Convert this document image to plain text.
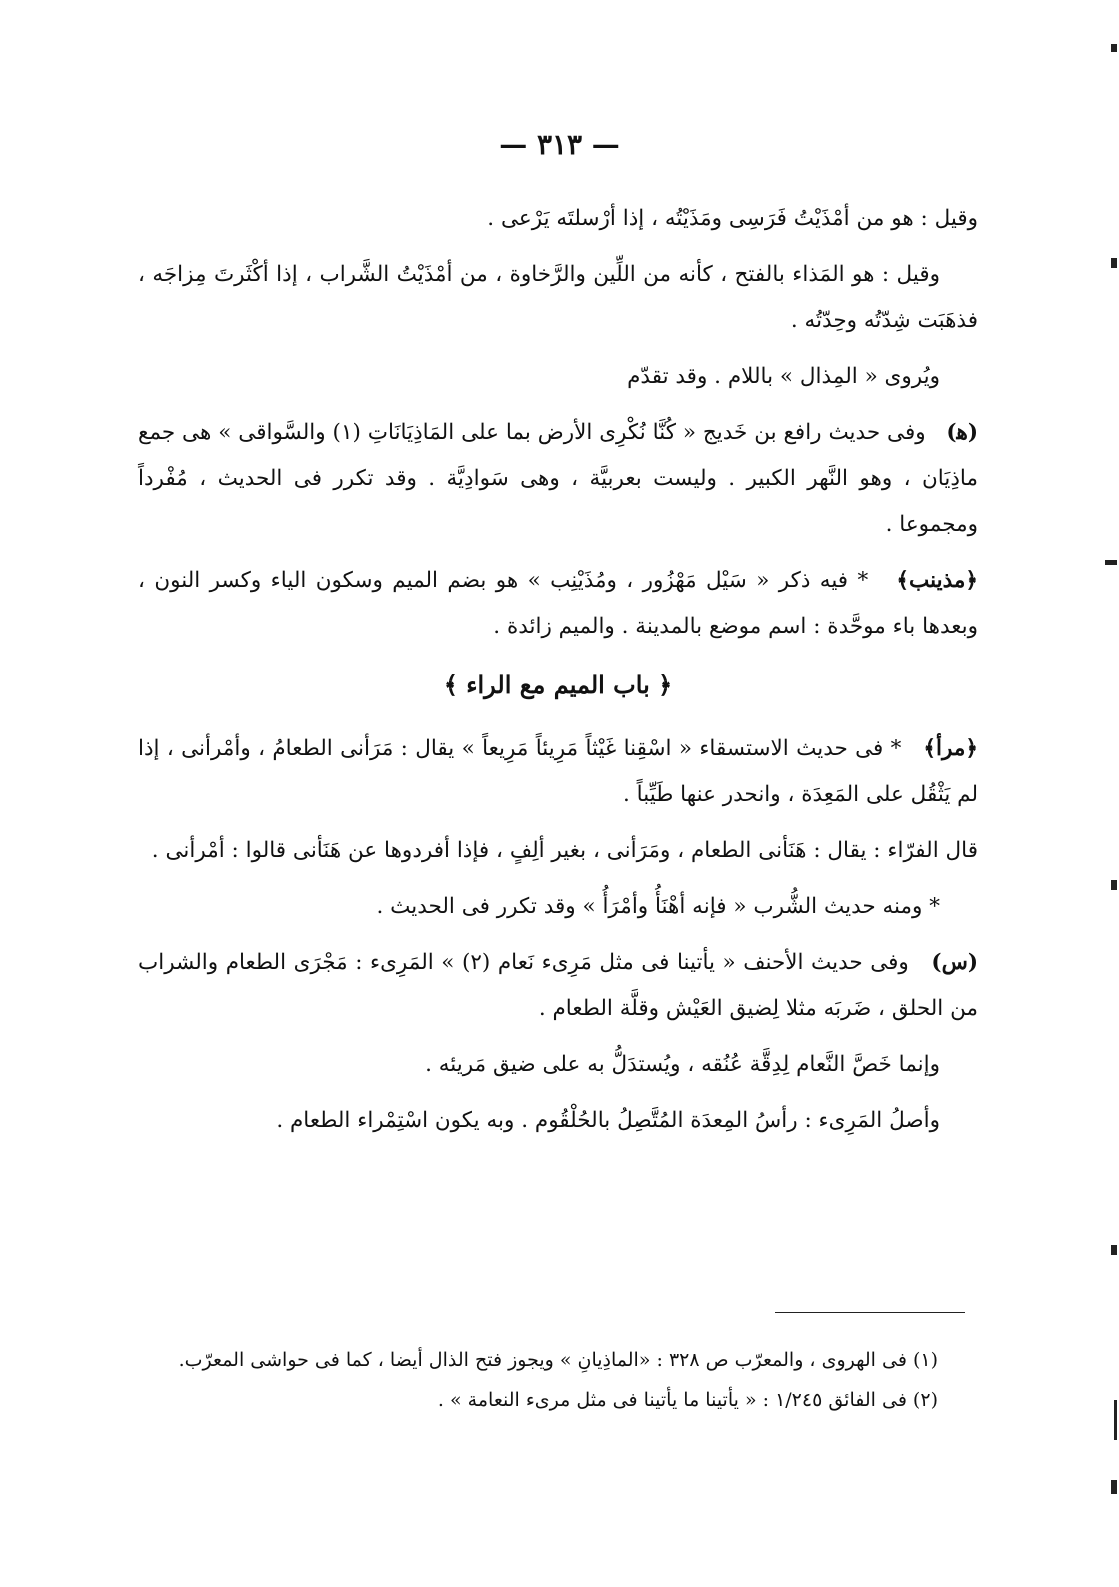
— ٣١٣ —

وقيل : هو من أمْذَيْتُ فَرَسِى ومَذَيْتُه ، إذا أرْسلتَه يَرْعى .

وقيل : هو المَذاء بالفتح ، كأنه من اللِّين والرَّخاوة ، من أمْذَيْتُ الشَّراب ، إذا أكْثَرتَ مِزاجَه ، فذهَبَت شِدّتُه وحِدّتُه .

ويُروى « المِذال » باللام . وقد تقدّم

(ﻫ)   وفى حديث رافع بن خَديج « كُنَّا نُكْرِى الأرض بما على المَاذِيَانَاتِ (١) والسَّواقى » هى جمع ماذِيَان ، وهو النَّهر الكبير . وليست بعربيَّة ، وهى سَوادِيَّة . وقد تكرر فى الحديث ، مُفْرداً ومجموعا .

﴿مذينب﴾   * فيه ذكر « سَيْل مَهْزُور ، ومُذَيْنِب » هو بضم الميم وسكون الياء وكسر النون ، وبعدها باء موحَّدة : اسم موضع بالمدينة . والميم زائدة .

﴿ باب الميم مع الراء ﴾

﴿مرأ﴾   * فى حديث الاستسقاء « اسْقِنا غَيْثاً مَرِيئاً مَرِيعاً » يقال : مَرَأنى الطعامُ ، وأمْرأنى ، إذا لم يَثْقُل على المَعِدَة ، وانحدر عنها طَيِّباً .

قال الفرّاء : يقال : هَنَأنى الطعام ، ومَرَأنى ، بغير ألِفٍ ، فإذا أفردوها عن هَنَأنى قالوا : أمْرأنى .

* ومنه حديث الشُّرب « فإنه أهْنَأُ وأمْرَأُ » وقد تكرر فى الحديث .

(س)   وفى حديث الأحنف « يأتينا فى مثل مَرِىء نَعام (٢) » المَرِىء : مَجْرَى الطعام والشراب من الحلق ، ضَربَه مثلا لِضيق العَيْش وقلَّة الطعام .

وإنما خَصَّ النَّعام لِدِقَّة عُنُقه ، ويُستدَلُّ به على ضيق مَريئه .

وأصلُ المَرِىء : رأسُ المِعدَة المُتَّصِلُ بالحُلْقُوم . وبه يكون اسْتِمْراء الطعام .

(١) فى الهروى ، والمعرّب ص ٣٢٨ : «الماذِيانِ » ويجوز فتح الذال أيضا ، كما فى حواشى المعرّب.

(٢) فى الفائق ١/٢٤٥ : « يأتينا ما يأتينا فى مثل مرىء النعامة » .
